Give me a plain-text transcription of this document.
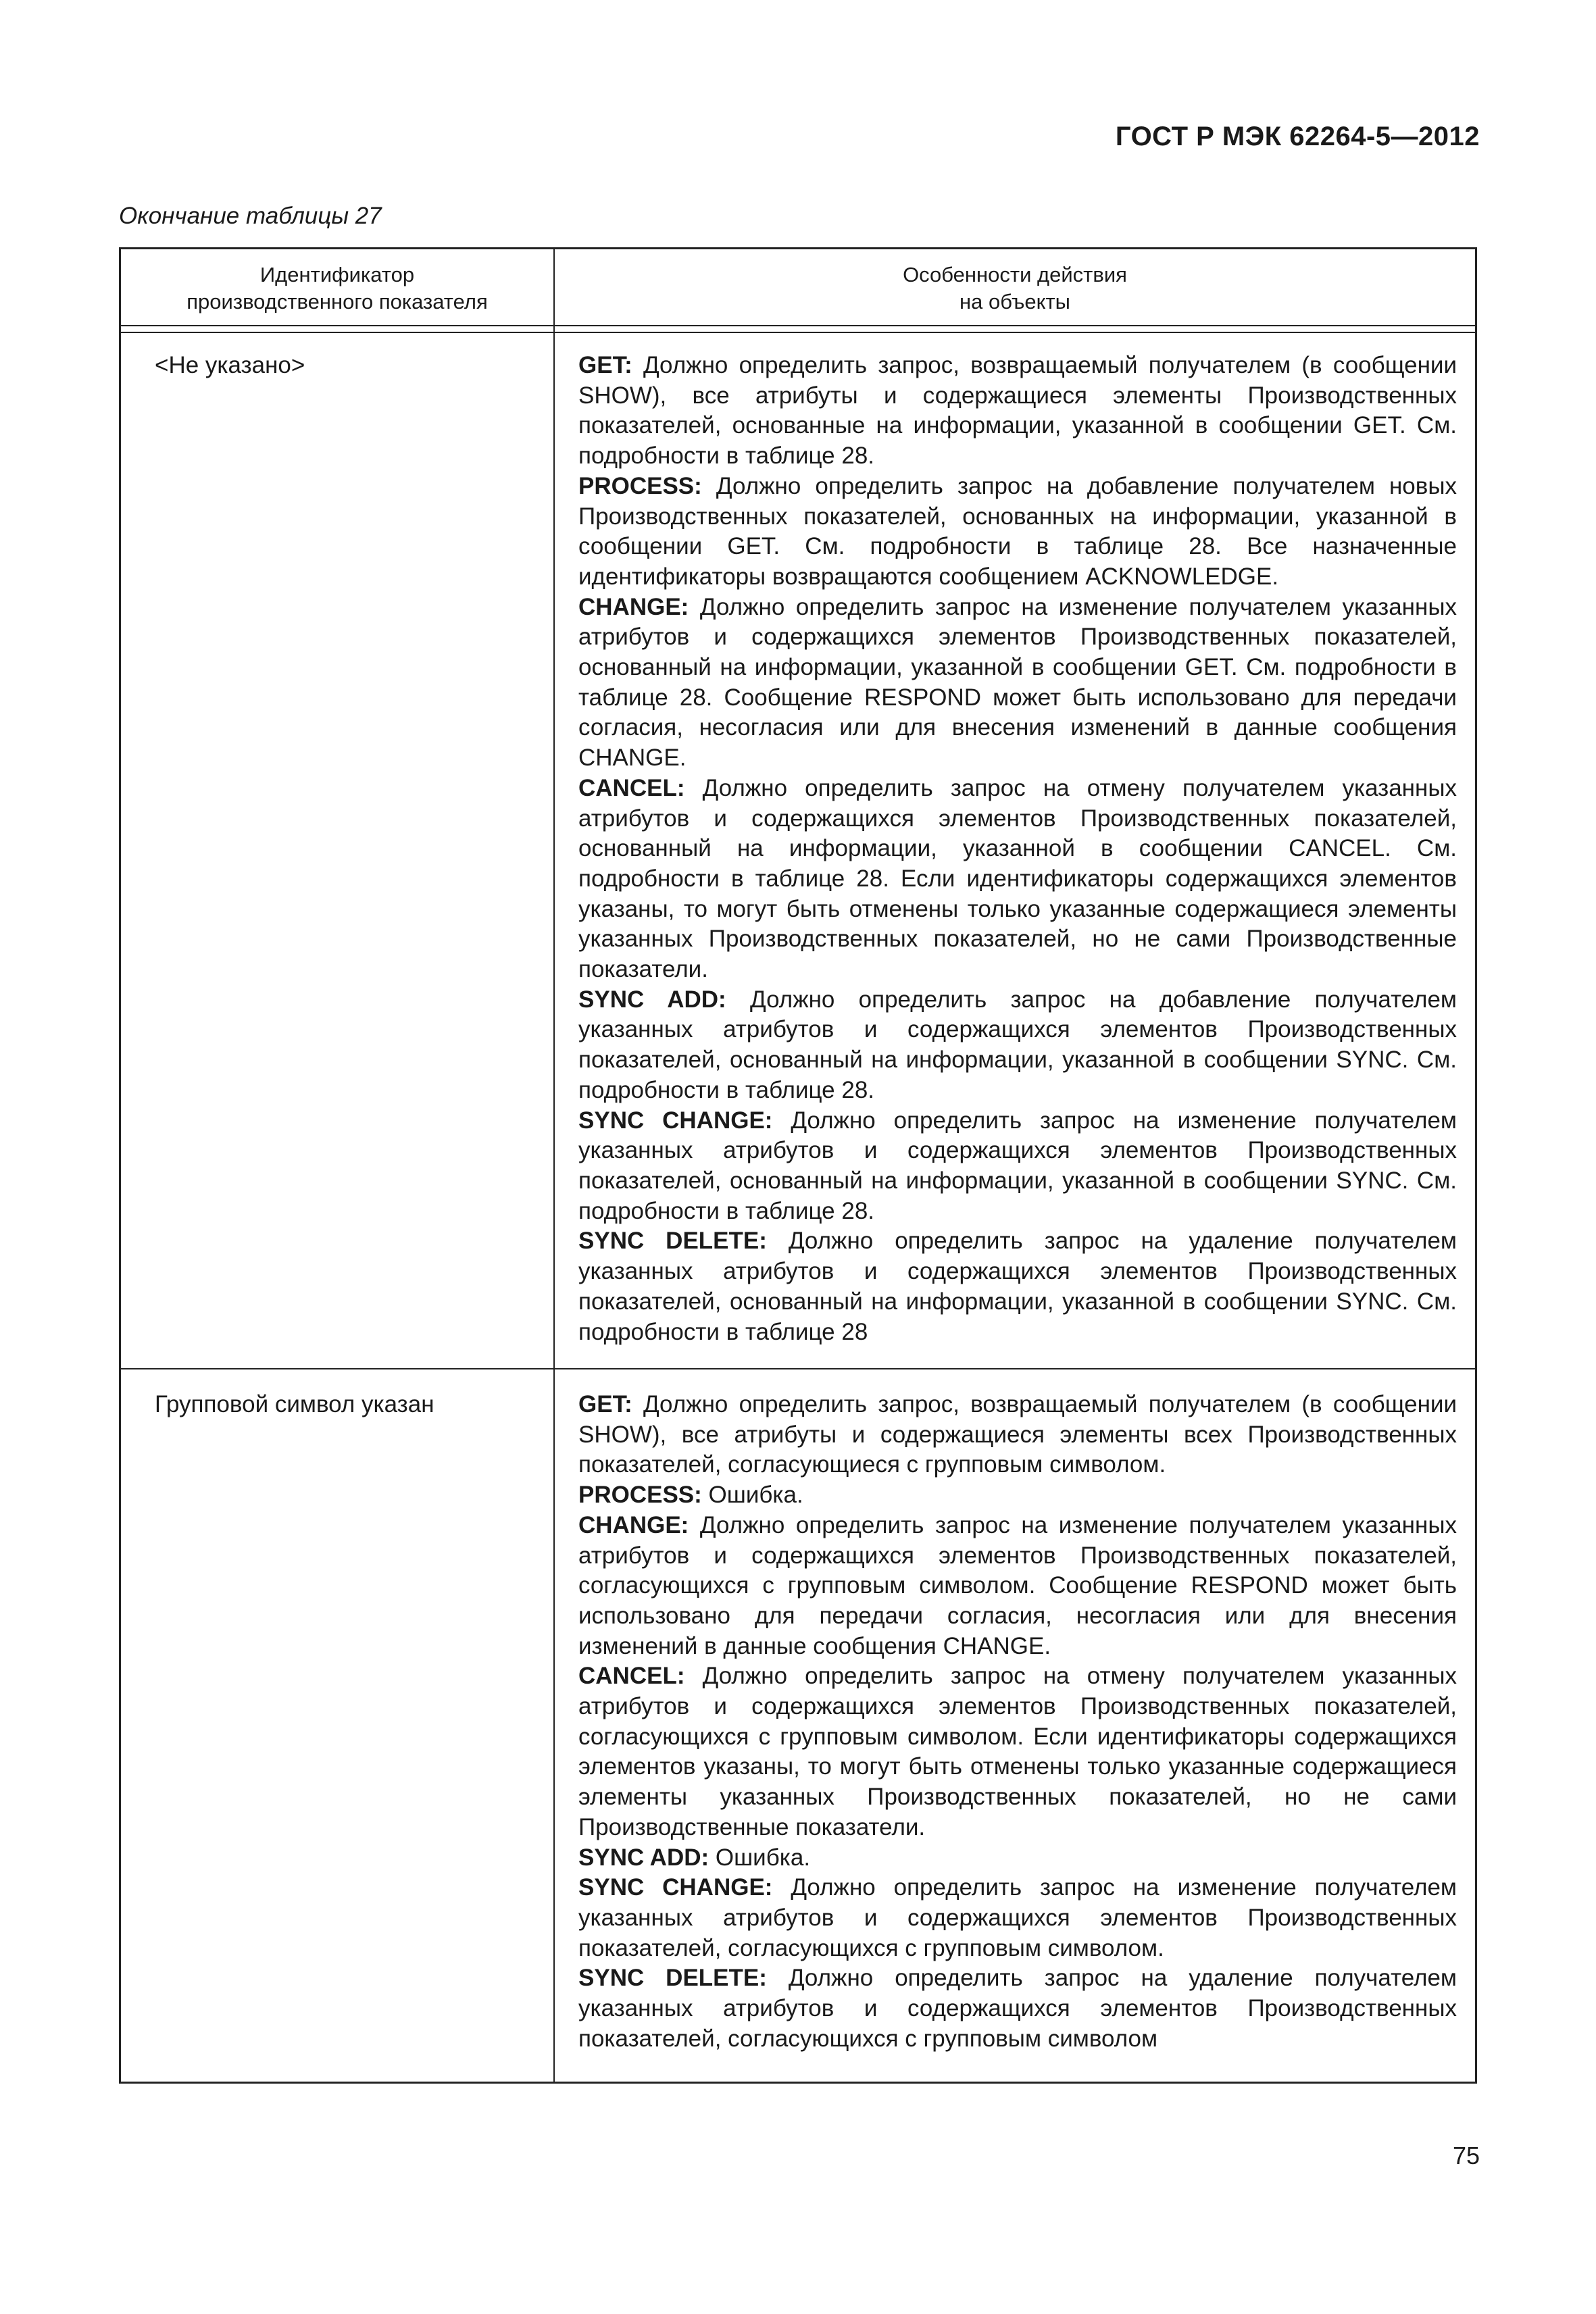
ГОСТ Р МЭК 62264-5—2012
Окончание таблицы 27
Идентификатор
производственного показателя
Особенности действия
на объекты
<Не указано>	GET: Должно определить запрос, возвращаемый получателем (в сообщении SHOW), все атрибуты и содержащиеся элементы Производственных показателей, основанные на информации, указанной в сообщении GET. См. подробности в таблице 28.

PROCESS: Должно определить запрос на добавление получателем новых Производственных показателей, основанных на информации, указанной в сообщении GET. См. подробности в таблице 28. Все назначенные идентификаторы возвращаются сообщением ACKNOWLEDGE.

CHANGE: Должно определить запрос на изменение получателем указанных атрибутов и содержащихся элементов Производственных показателей, основанный на информации, указанной в сообщении GET. См. подробности в таблице 28. Сообщение RESPOND может быть использовано для передачи согласия, несогласия или для внесения изменений в данные сообщения CHANGE.

CANCEL: Должно определить запрос на отмену получателем указанных атрибутов и содержащихся элементов Производственных показателей, основанный на информации, указанной в сообщении CANCEL. См. подробности в таблице 28. Если идентификаторы содержащихся элементов указаны, то могут быть отменены только указанные содержащиеся элементы указанных Производственных показателей, но не сами Производственные показатели.

SYNC ADD: Должно определить запрос на добавление получателем указанных атрибутов и содержащихся элементов Производственных показателей, основанный на информации, указанной в сообщении SYNC. См. подробности в таблице 28.

SYNC CHANGE: Должно определить запрос на изменение получателем указанных атрибутов и содержащихся элементов Производственных показателей, основанный на информации, указанной в сообщении SYNC. См. подробности в таблице 28.

SYNC DELETE: Должно определить запрос на удаление получателем указанных атрибутов и содержащихся элементов Производственных показателей, основанный на информации, указанной в сообщении SYNC. См. подробности в таблице 28

Групповой символ указан	GET: Должно определить запрос, возвращаемый получателем (в сообщении SHOW), все атрибуты и содержащиеся элементы всех Производственных показателей, согласующиеся с групповым символом.

PROCESS: Ошибка.

CHANGE: Должно определить запрос на изменение получателем указанных атрибутов и содержащихся элементов Производственных показателей, согласующихся с групповым символом. Сообщение RESPOND может быть использовано для передачи согласия, несогласия или для внесения изменений в данные сообщения CHANGE.

CANCEL: Должно определить запрос на отмену получателем указанных атрибутов и содержащихся элементов Производственных показателей, согласующихся с групповым символом. Если идентификаторы содержащихся элементов указаны, то могут быть отменены только указанные содержащиеся элементы указанных Производственных показателей, но не сами Производственные показатели.

SYNC ADD: Ошибка.

SYNC CHANGE: Должно определить запрос на изменение получателем указанных атрибутов и содержащихся элементов Производственных показателей, согласующихся с групповым символом.

SYNC DELETE: Должно определить запрос на удаление получателем указанных атрибутов и содержащихся элементов Производственных показателей, согласующихся с групповым символом

75
